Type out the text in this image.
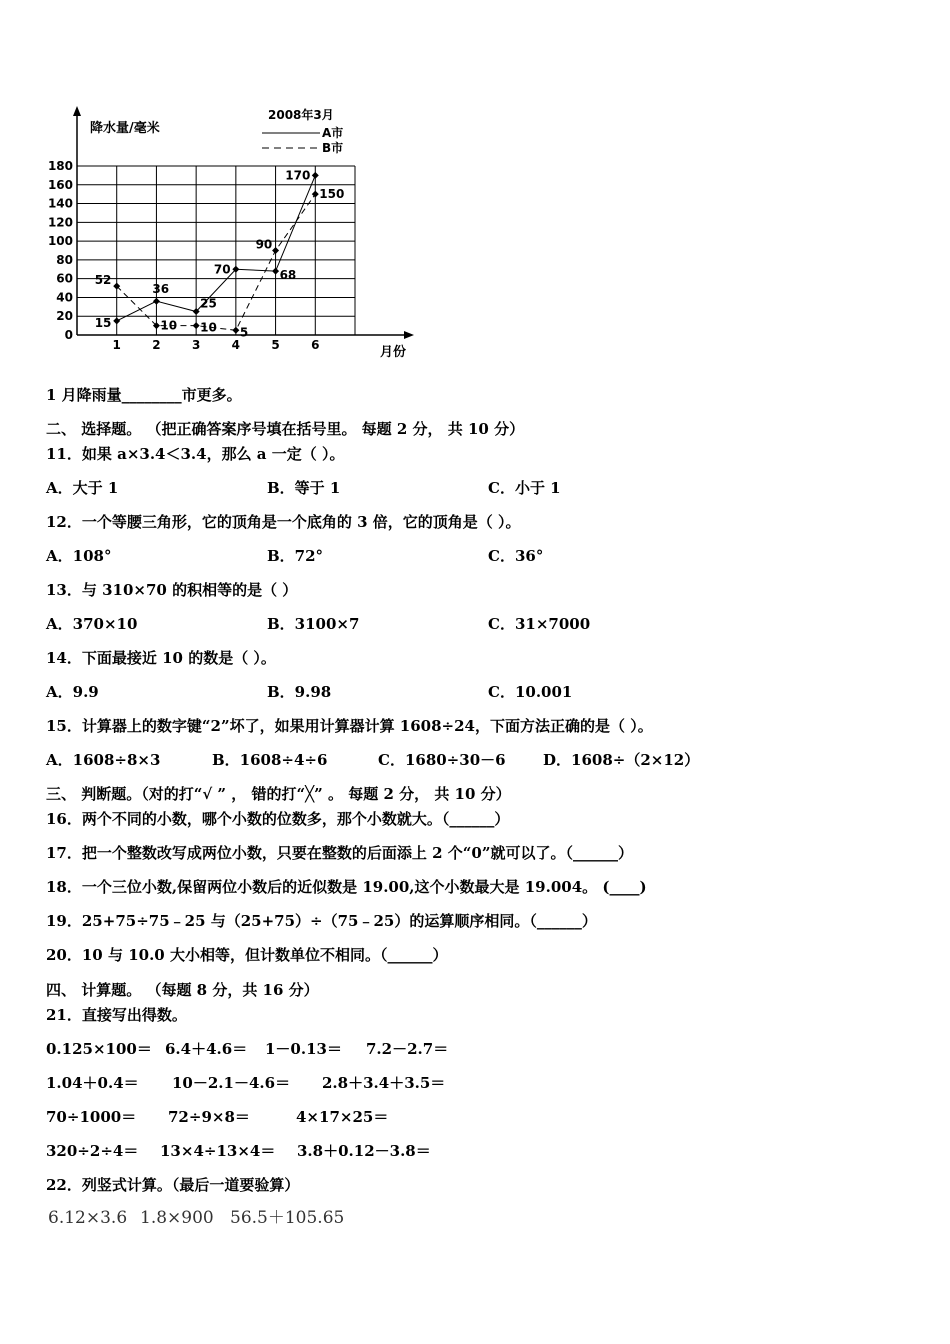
0
20
40
60
80
100
120
140
160
180
1	2	3	4	5	6
15
36
25
70	68
170
52
10 10 5
90
150
降水量/毫米
月份
2008年3月
A市
B市
1 月降雨量________市更多。
二、 选择题。 （把正确答案序号填在括号里。 每题 2 分， 共 10 分）
11．如果 a×3.4＜3.4，那么 a 一定（ ）。
A．大于 1	B．等于 1	C．小于 1
12．一个等腰三角形，它的顶角是一个底角的 3 倍，它的顶角是（ ）。
A．108°	B．72°	C．36°
13．与 310×70 的积相等的是（ ）
A．370×10	B．3100×7	C．31×7000
14．下面最接近 10 的数是（ ）。
A．9.9	B．9.98	C．10.001
15．计算器上的数字键“2”坏了，如果用计算器计算 1608÷24，下面方法正确的是（ ）。
A．1608÷8×3	B．1608÷4÷6	C．1680÷30－6 D．1608÷（2×12）
三、 判断题。（对的打“√ ” ， 错的打“╳” 。 每题 2 分， 共 10 分）
16．两个不同的小数，哪个小数的位数多，那个小数就大。（______）
17．把一个整数改写成两位小数，只要在整数的后面添上 2 个“0”就可以了。（______）
18．一个三位小数,保留两位小数后的近似数是 19.00,这个小数最大是 19.004。 (____)
19．25+75÷75﹣25 与（25+75）÷（75﹣25）的运算顺序相同。（______）
20．10 与 10.0 大小相等，但计数单位不相同。（______）
四、 计算题。 （每题 8 分，共 16 分）
21．直接写出得数。
0.125×100＝ 6.4＋4.6＝ 1－0.13＝ 7.2－2.7＝
1.04＋0.4＝ 10－2.1－4.6＝ 2.8＋3.4＋3.5＝
70÷1000＝ 72÷9×8＝	4×17×25＝
320÷2÷4＝ 13×4÷13×4＝ 3.8＋0.12－3.8＝
22．列竖式计算。（最后一道要验算）
6.12×3.6 1.8×900 56.5＋105.65
